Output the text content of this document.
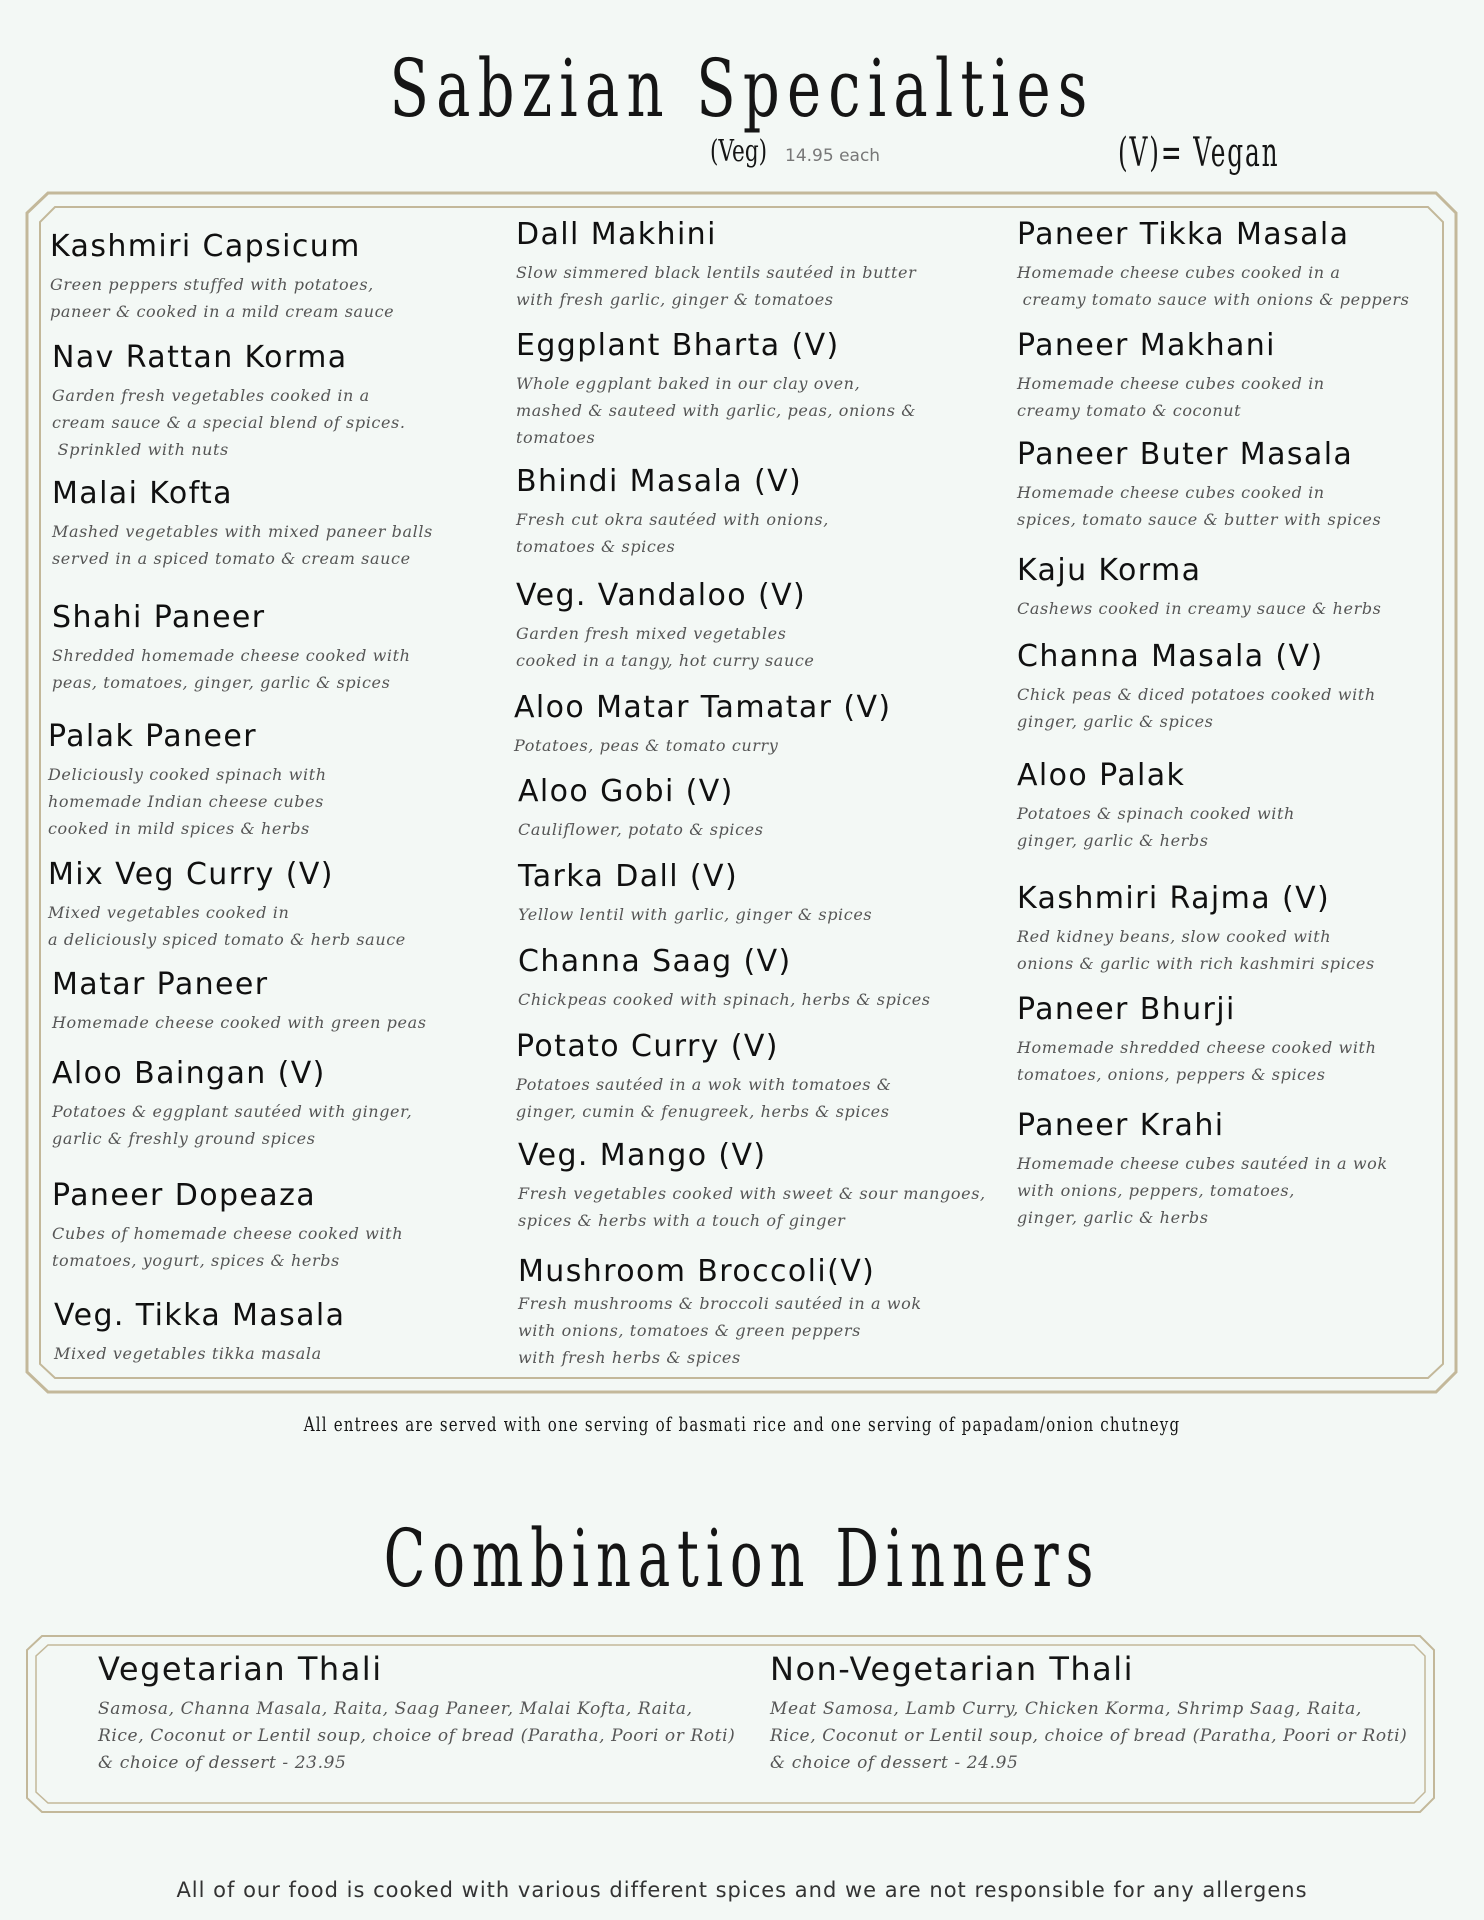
Sabzian Specialties
(Veg) 14.95 each	(V)= Vegan
Kashmiri Capsicum
Green peppers stuffed with potatoes,
paneer & cooked in a mild cream sauce
Nav Rattan Korma
Garden fresh vegetables cooked in a
cream sauce & a special blend of spices.
Sprinkled with nuts
Malai Kofta
Mashed vegetables with mixed paneer balls
served in a spiced tomato & cream sauce
Shahi Paneer
Shredded homemade cheese cooked with
peas, tomatoes, ginger, garlic & spices
Palak Paneer
Deliciously cooked spinach with
homemade Indian cheese cubes
cooked in mild spices & herbs
Mix Veg Curry (V)
Mixed vegetables cooked in
a deliciously spiced tomato & herb sauce
Matar Paneer
Homemade cheese cooked with green peas
Aloo Baingan (V)
Potatoes & eggplant sautéed with ginger,
garlic & freshly ground spices
Paneer Dopeaza
Cubes of homemade cheese cooked with
tomatoes, yogurt, spices & herbs
Veg. Tikka Masala
Mixed vegetables tikka masala
Dall Makhini
Slow simmered black lentils sautéed in butter
with fresh garlic, ginger & tomatoes
Eggplant Bharta (V)
Whole eggplant baked in our clay oven,
mashed & sauteed with garlic, peas, onions &
tomatoes
Bhindi Masala (V)
Fresh cut okra sautéed with onions,
tomatoes & spices
Veg. Vandaloo (V)
Garden fresh mixed vegetables
cooked in a tangy, hot curry sauce
Aloo Matar Tamatar (V)
Potatoes, peas & tomato curry
Aloo Gobi (V)
Cauliflower, potato & spices
Tarka Dall (V)
Yellow lentil with garlic, ginger & spices
Channa Saag (V)
Chickpeas cooked with spinach, herbs & spices
Potato Curry (V)
Potatoes sautéed in a wok with tomatoes &
ginger, cumin & fenugreek, herbs & spices
Veg. Mango (V)
Fresh vegetables cooked with sweet & sour mangoes,
spices & herbs with a touch of ginger
Mushroom Broccoli(V)
Fresh mushrooms & broccoli sautéed in a wok
with onions, tomatoes & green peppers
with fresh herbs & spices
Paneer Tikka Masala
Homemade cheese cubes cooked in a
creamy tomato sauce with onions & peppers
Paneer Makhani
Homemade cheese cubes cooked in
creamy tomato & coconut
Paneer Buter Masala
Homemade cheese cubes cooked in
spices, tomato sauce & butter with spices
Kaju Korma
Cashews cooked in creamy sauce & herbs
Channa Masala (V)
Chick peas & diced potatoes cooked with
ginger, garlic & spices
Aloo Palak
Potatoes & spinach cooked with
ginger, garlic & herbs
Kashmiri Rajma (V)
Red kidney beans, slow cooked with
onions & garlic with rich kashmiri spices
Paneer Bhurji
Homemade shredded cheese cooked with
tomatoes, onions, peppers & spices
Paneer Krahi
Homemade cheese cubes sautéed in a wok
with onions, peppers, tomatoes,
ginger, garlic & herbs
All entrees are served with one serving of basmati rice and one serving of papadam/onion chutneyg
Combination Dinners
Vegetarian Thali
Samosa, Channa Masala, Raita, Saag Paneer, Malai Kofta, Raita,
Rice, Coconut or Lentil soup, choice of bread (Paratha, Poori or Roti)
& choice of dessert - 23.95
Non-Vegetarian Thali
Meat Samosa, Lamb Curry, Chicken Korma, Shrimp Saag, Raita,
Rice, Coconut or Lentil soup, choice of bread (Paratha, Poori or Roti)
& choice of dessert - 24.95
All of our food is cooked with various different spices and we are not responsible for any allergens
